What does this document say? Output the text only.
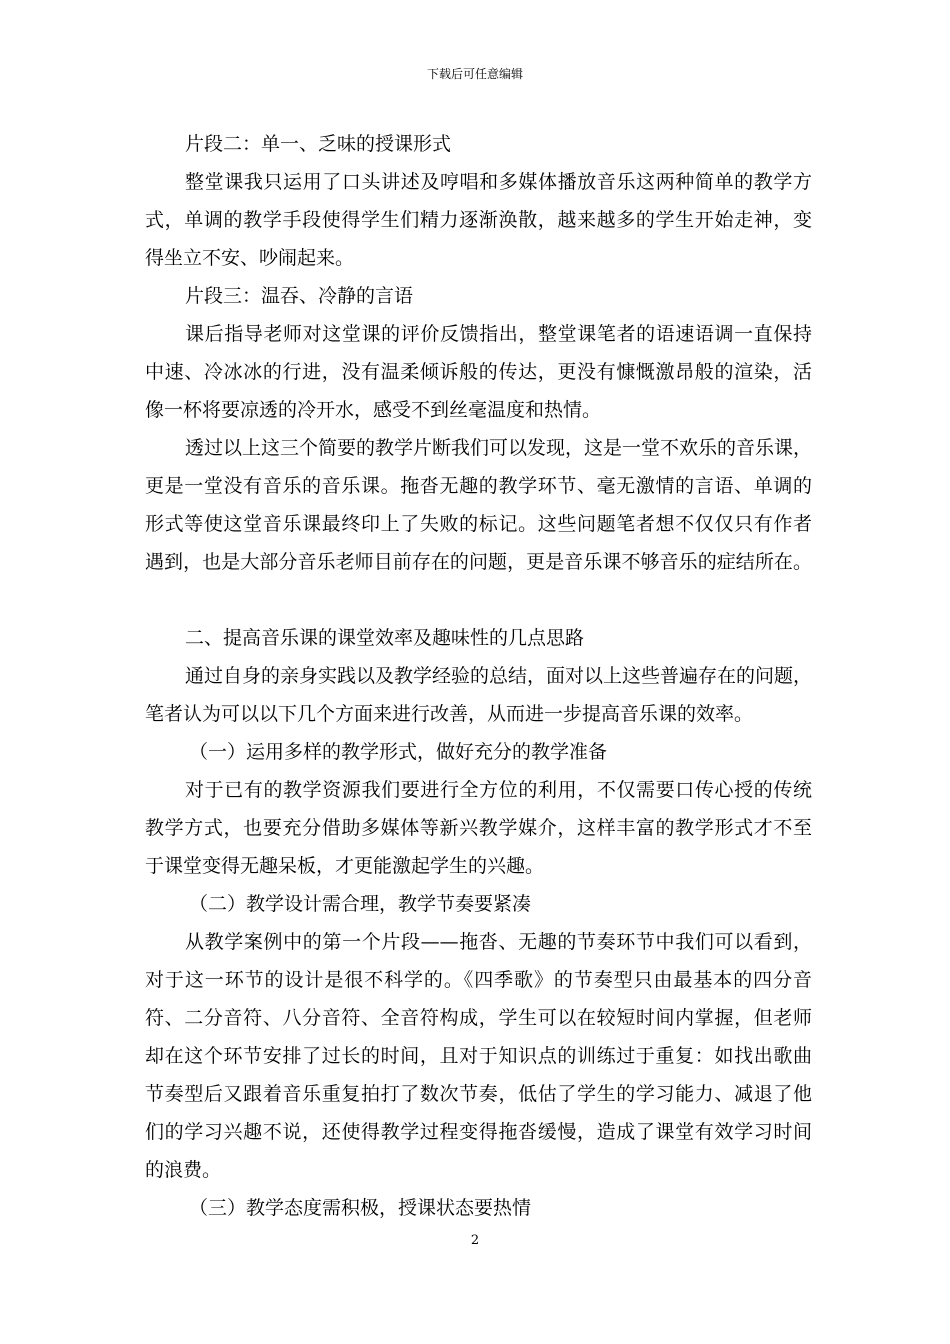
下载后可任意编辑
片段二：单一、乏味的授课形式
整堂课我只运用了口头讲述及哼唱和多媒体播放音乐这两种简单的教学方
式，单调的教学手段使得学生们精力逐渐涣散，越来越多的学生开始走神，变
得坐立不安、吵闹起来。
片段三：温吞、冷静的言语
课后指导老师对这堂课的评价反馈指出，整堂课笔者的语速语调一直保持
中速、冷冰冰的行进，没有温柔倾诉般的传达，更没有慷慨激昂般的渲染，活
像一杯将要凉透的冷开水，感受不到丝毫温度和热情。
透过以上这三个简要的教学片断我们可以发现，这是一堂不欢乐的音乐课，
更是一堂没有音乐的音乐课。拖沓无趣的教学环节、毫无激情的言语、单调的
形式等使这堂音乐课最终印上了失败的标记。这些问题笔者想不仅仅只有作者
遇到，也是大部分音乐老师目前存在的问题，更是音乐课不够音乐的症结所在。
二、提高音乐课的课堂效率及趣味性的几点思路
通过自身的亲身实践以及教学经验的总结，面对以上这些普遍存在的问题，
笔者认为可以以下几个方面来进行改善，从而进一步提高音乐课的效率。
（一）运用多样的教学形式，做好充分的教学准备
对于已有的教学资源我们要进行全方位的利用，不仅需要口传心授的传统
教学方式，也要充分借助多媒体等新兴教学媒介，这样丰富的教学形式才不至
于课堂变得无趣呆板，才更能激起学生的兴趣。
（二）教学设计需合理，教学节奏要紧凑
从教学案例中的第一个片段——拖沓、无趣的节奏环节中我们可以看到，
对于这一环节的设计是很不科学的。《四季歌》的节奏型只由最基本的四分音
符、二分音符、八分音符、全音符构成，学生可以在较短时间内掌握，但老师
却在这个环节安排了过长的时间，且对于知识点的训练过于重复：如找出歌曲
节奏型后又跟着音乐重复拍打了数次节奏，低估了学生的学习能力、减退了他
们的学习兴趣不说，还使得教学过程变得拖沓缓慢，造成了课堂有效学习时间
的浪费。
（三）教学态度需积极，授课状态要热情
2
